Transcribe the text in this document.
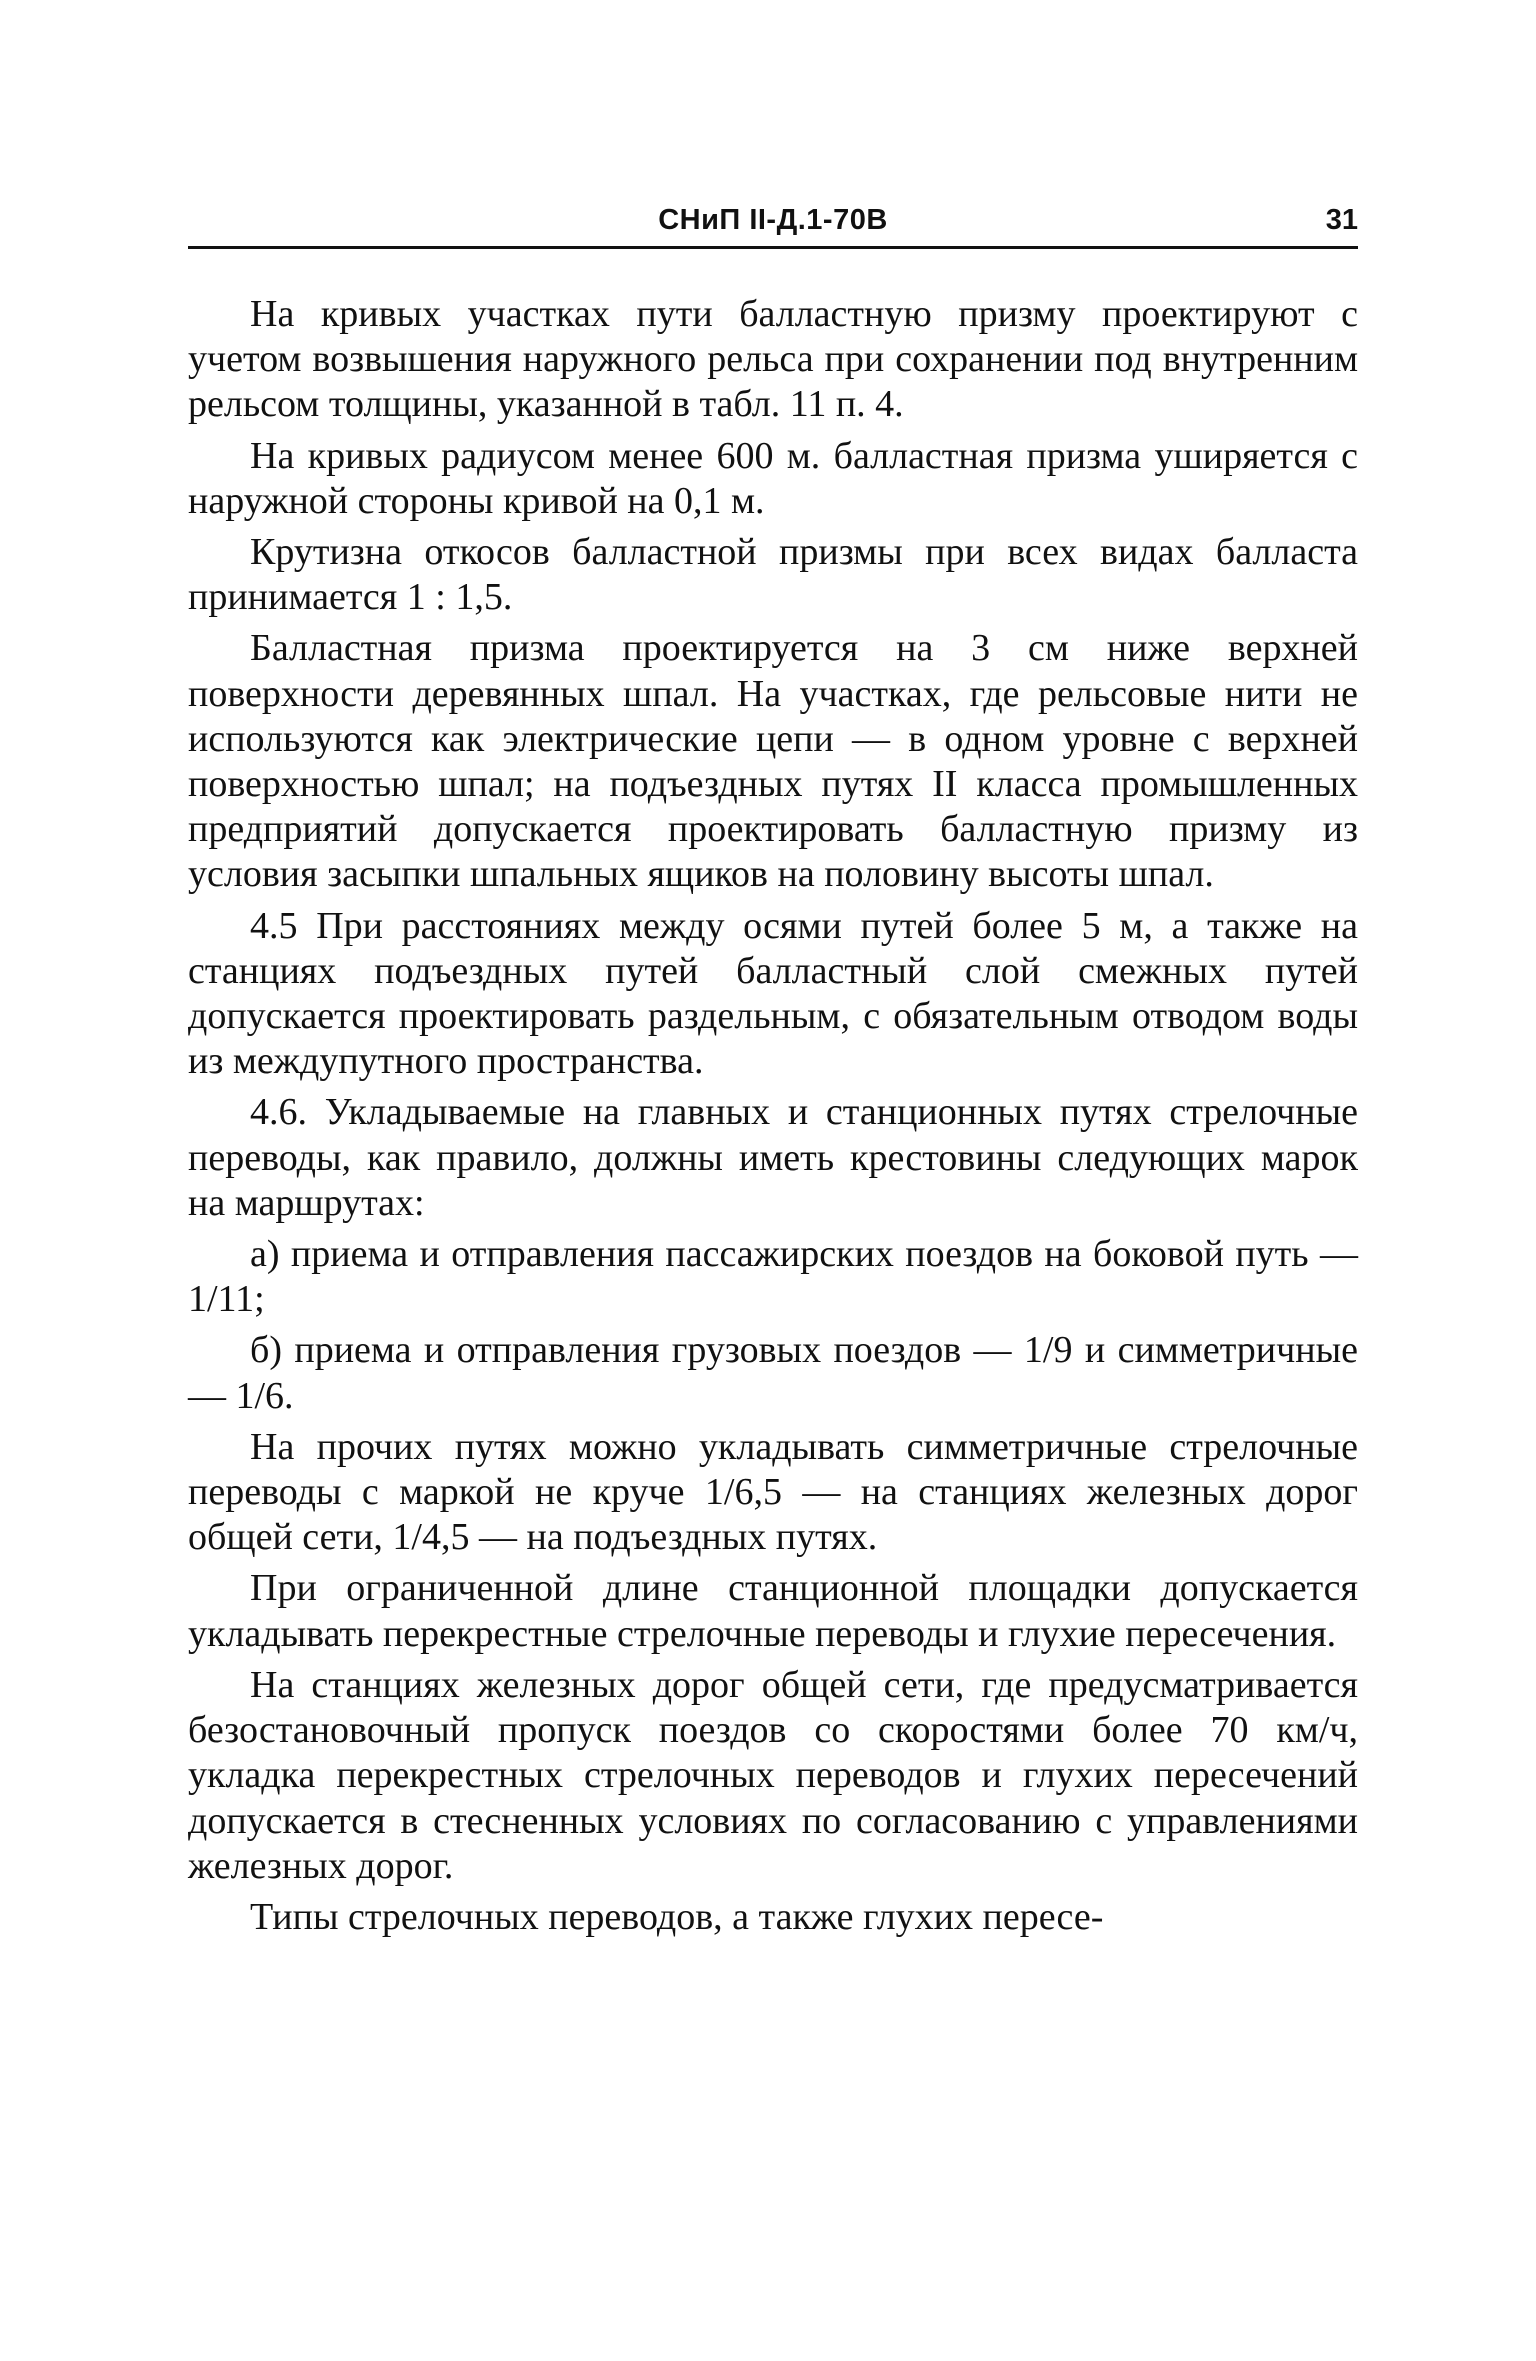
СНиП II-Д.1-70В	31

На кривых участках пути балластную призму проектируют с учетом возвышения наружного рельса при сохранении под внутренним рельсом толщины, указанной в табл. 11 п. 4.

На кривых радиусом менее 600 м. балластная призма уширяется с наружной стороны кривой на 0,1 м.

Крутизна откосов балластной призмы при всех видах балласта принимается 1 : 1,5.

Балластная призма проектируется на 3 см ниже верхней поверхности деревянных шпал. На участках, где рельсовые нити не используются как электрические цепи — в одном уровне с верхней поверхностью шпал; на подъездных путях II класса промышленных предприятий допускается проектировать балластную призму из условия засыпки шпальных ящиков на половину высоты шпал.

4.5 При расстояниях между осями путей более 5 м, а также на станциях подъездных путей балластный слой смежных путей допускается проектировать раздельным, с обязательным отводом воды из междупутного пространства.

4.6. Укладываемые на главных и станционных путях стрелочные переводы, как правило, должны иметь крестовины следующих марок на маршрутах:

а) приема и отправления пассажирских поездов на боковой путь — 1/11;

б) приема и отправления грузовых поездов — 1/9 и симметричные — 1/6.

На прочих путях можно укладывать симметричные стрелочные переводы с маркой не круче 1/6,5 — на станциях железных дорог общей сети, 1/4,5 — на подъездных путях.

При ограниченной длине станционной площадки допускается укладывать перекрестные стрелочные переводы и глухие пересечения.

На станциях железных дорог общей сети, где предусматривается безостановочный пропуск поездов со скоростями более 70 км/ч, укладка перекрестных стрелочных переводов и глухих пересечений допускается в стесненных условиях по согласованию с управлениями железных дорог.

Типы стрелочных переводов, а также глухих пересе-
